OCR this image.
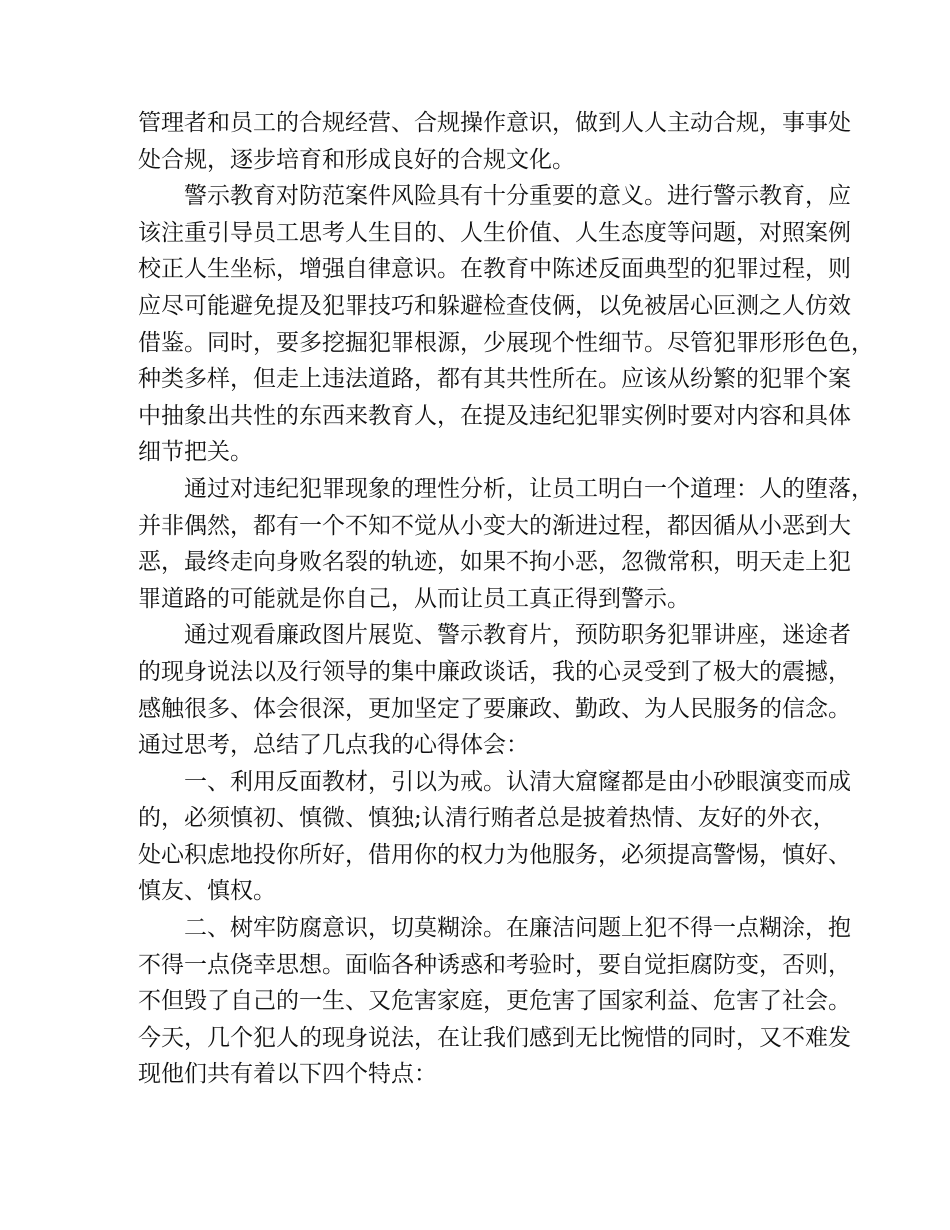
管理者和员工的合规经营、合规操作意识，做到人人主动合规，事事处
处合规，逐步培育和形成良好的合规文化。
警示教育对防范案件风险具有十分重要的意义。进行警示教育，应
该注重引导员工思考人生目的、人生价值、人生态度等问题，对照案例
校正人生坐标，增强自律意识。在教育中陈述反面典型的犯罪过程，则
应尽可能避免提及犯罪技巧和躲避检查伎俩，以免被居心叵测之人仿效
借鉴。同时，要多挖掘犯罪根源，少展现个性细节。尽管犯罪形形色色，
种类多样，但走上违法道路，都有其共性所在。应该从纷繁的犯罪个案
中抽象出共性的东西来教育人，在提及违纪犯罪实例时要对内容和具体
细节把关。
通过对违纪犯罪现象的理性分析，让员工明白一个道理：人的堕落，
并非偶然，都有一个不知不觉从小变大的渐进过程，都因循从小恶到大
恶，最终走向身败名裂的轨迹，如果不拘小恶，忽微常积，明天走上犯
罪道路的可能就是你自己，从而让员工真正得到警示。
通过观看廉政图片展览、警示教育片，预防职务犯罪讲座，迷途者
的现身说法以及行领导的集中廉政谈话，我的心灵受到了极大的震撼，
感触很多、体会很深，更加坚定了要廉政、勤政、为人民服务的信念。
通过思考，总结了几点我的心得体会：
一、利用反面教材，引以为戒。认清大窟窿都是由小砂眼演变而成
的，必须慎初、慎微、慎独;认清行贿者总是披着热情、友好的外衣，
处心积虑地投你所好，借用你的权力为他服务，必须提高警惕，慎好、
慎友、慎权。
二、树牢防腐意识，切莫糊涂。在廉洁问题上犯不得一点糊涂，抱
不得一点侥幸思想。面临各种诱惑和考验时，要自觉拒腐防变，否则，
不但毁了自己的一生、又危害家庭，更危害了国家利益、危害了社会。
今天，几个犯人的现身说法，在让我们感到无比惋惜的同时，又不难发
现他们共有着以下四个特点：
